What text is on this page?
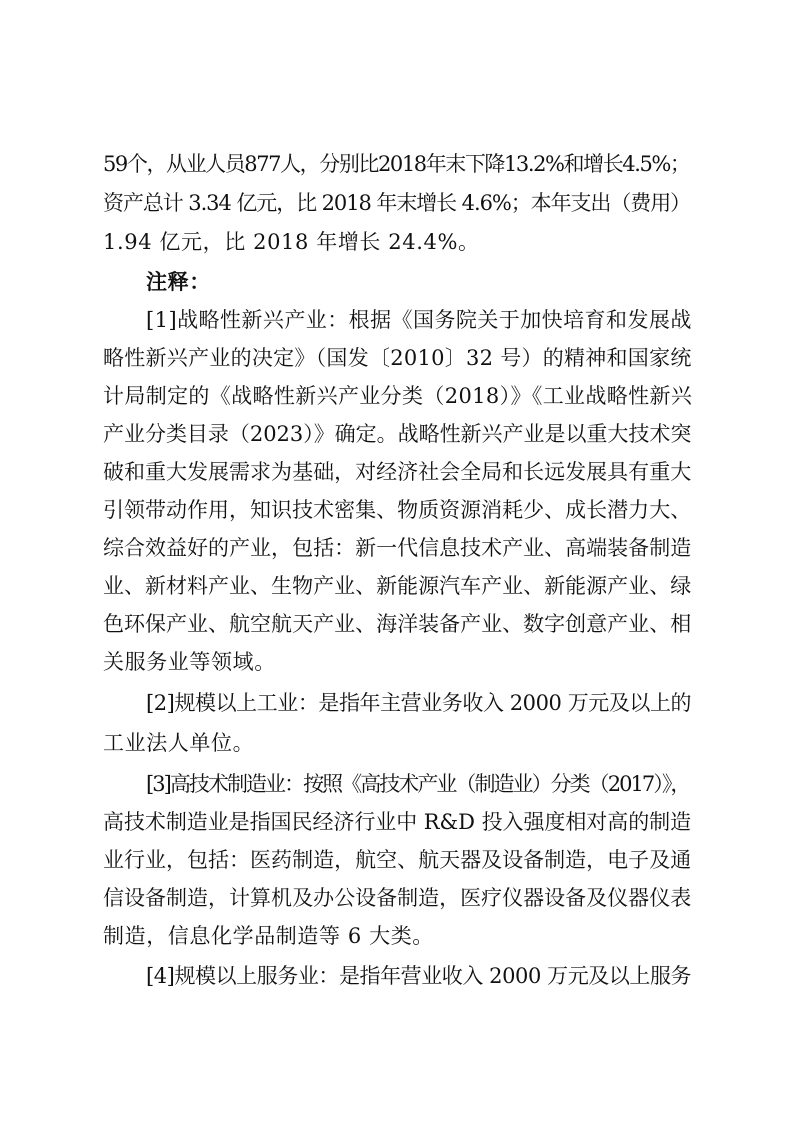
59个，从业人员877人，分别比2018年末下降13.2%和增长4.5%；
资产总计 3.34 亿元，比 2018 年末增长 4.6%；本年支出（费用）
1.94 亿元，比 2018 年增长 24.4%。
注释：
[1]战略性新兴产业：根据《国务院关于加快培育和发展战
略性新兴产业的决定》（国发〔2010〕32 号）的精神和国家统
计局制定的《战略性新兴产业分类（2018）》《工业战略性新兴
产业分类目录（2023）》确定。战略性新兴产业是以重大技术突
破和重大发展需求为基础，对经济社会全局和长远发展具有重大
引领带动作用，知识技术密集、物质资源消耗少、成长潜力大、
综合效益好的产业，包括：新一代信息技术产业、高端装备制造
业、新材料产业、生物产业、新能源汽车产业、新能源产业、绿
色环保产业、航空航天产业、海洋装备产业、数字创意产业、相
关服务业等领域。
[2]规模以上工业：是指年主营业务收入 2000 万元及以上的
工业法人单位。
[3]高技术制造业：按照《高技术产业（制造业）分类（2017）》，
高技术制造业是指国民经济行业中 R&D 投入强度相对高的制造
业行业，包括：医药制造，航空、航天器及设备制造，电子及通
信设备制造，计算机及办公设备制造，医疗仪器设备及仪器仪表
制造，信息化学品制造等 6 大类。
[4]规模以上服务业：是指年营业收入 2000 万元及以上服务
